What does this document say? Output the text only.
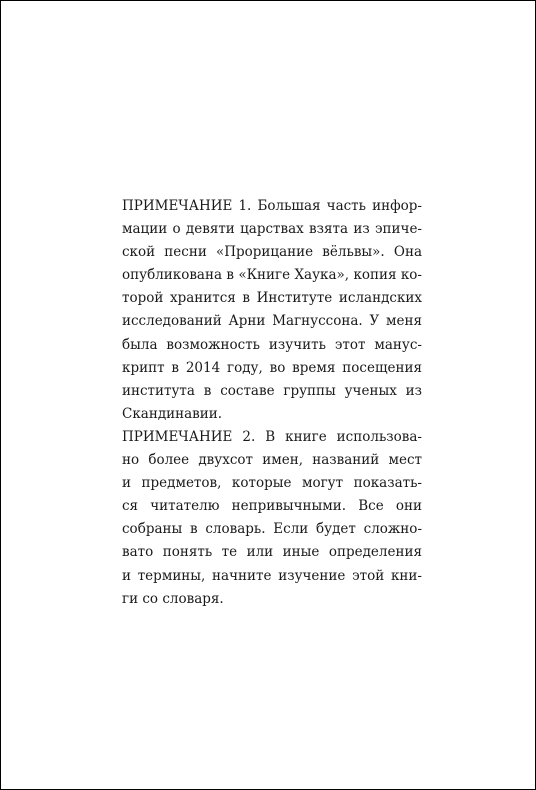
ПРИМЕЧАНИЕ 1. Большая часть инфор-
мации о девяти царствах взята из эпиче-
ской песни «Прорицание вёльвы». Она
опубликована в «Книге Хаука», копия ко-
торой хранится в Институте исландских
исследований Арни Магнуссона. У меня
была возможность изучить этот манус-
крипт в 2014 году, во время посещения
института в составе группы ученых из
Скандинавии.
ПРИМЕЧАНИЕ 2. В книге использова-
но более двухсот имен, названий мест
и предметов, которые могут показать-
ся читателю непривычными. Все они
собраны в словарь. Если будет сложно-
вато понять те или иные определения
и термины, начните изучение этой кни-
ги со словаря.
